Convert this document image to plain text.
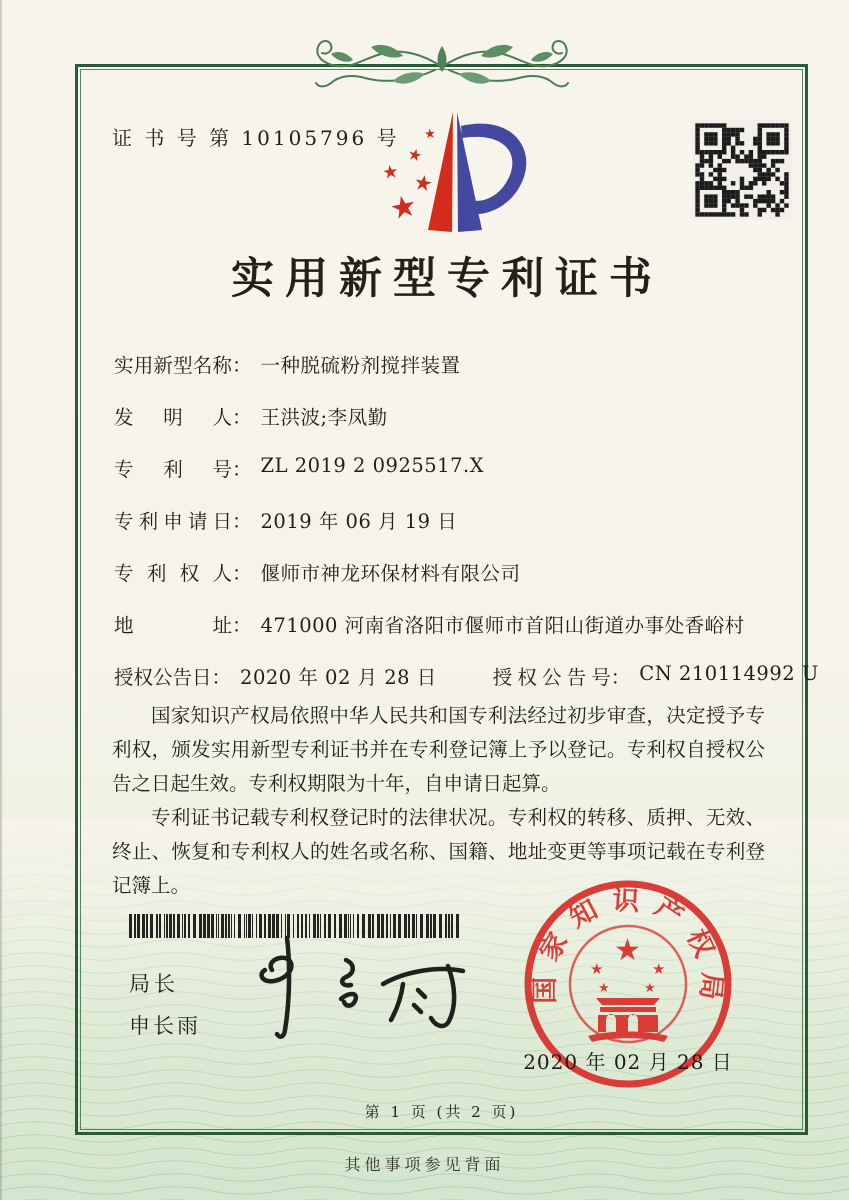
证 书 号 第 10105796 号
★
★
★
★
★
实用新型专利证书
实用新型名称 ： 一种脱硫粉剂搅拌装置
发明人 ： 王洪波;李凤勤
专利号 ： ZL 2019 2 0925517.X
专利申请日 ： 2019 年 06 月 19 日
专利权人 ： 偃师市神龙环保材料有限公司
地址 ： 471000 河南省洛阳市偃师市首阳山街道办事处香峪村
授权公告日 ： 2020 年 02 月 28 日	授权公告号 ： CN 210114992 U

国家知识产权局依照中华人民共和国专利法经过初步审查，决定授予专利权，颁发实用新型专利证书并在专利登记簿上予以登记。专利权自授权公告之日起生效。专利权期限为十年，自申请日起算。

专利证书记载专利权登记时的法律状况。专利权的转移、质押、无效、终止、恢复和专利权人的姓名或名称、国籍、地址变更等事项记载在专利登记簿上。

局长
申长雨
国家知识产权局
★
★	★
★	★
2020 年 02 月 28 日
第 1 页 (共 2 页)
其他事项参见背面
